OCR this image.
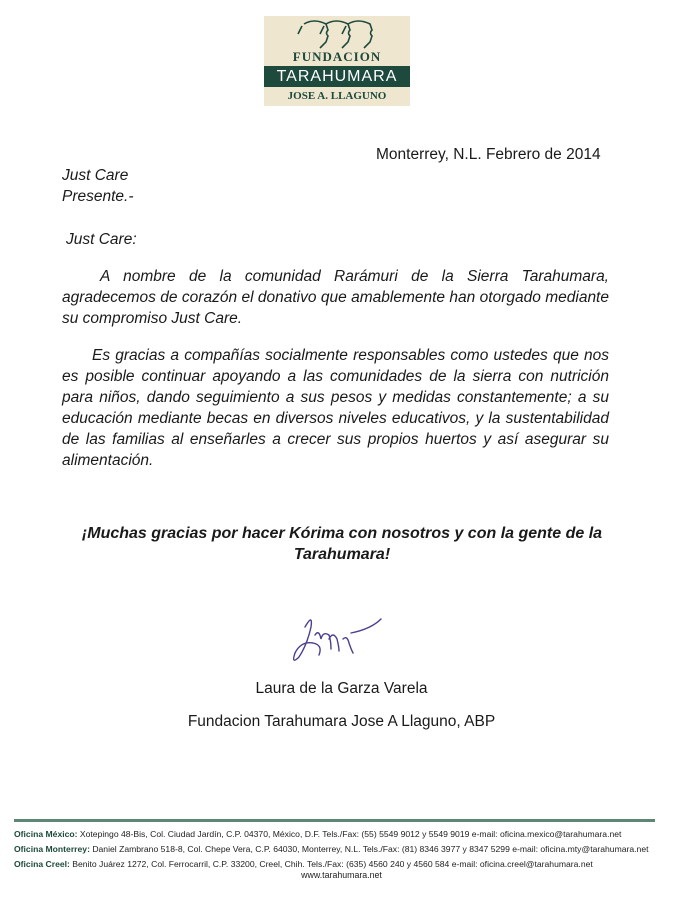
FUNDACION
TARAHUMARA
JOSE A. LLAGUNO
Monterrey, N.L. Febrero de 2014
Just Care
Presente.-
Just Care:
A nombre de la comunidad Rarámuri de la Sierra Tarahumara, agradecemos de corazón el donativo que amablemente han otorgado mediante su compromiso Just Care.
Es gracias a compañías socialmente responsables como ustedes que nos es posible continuar apoyando a las comunidades de la sierra con nutrición para niños, dando seguimiento a sus pesos y medidas constantemente; a su educación mediante becas en diversos niveles educativos, y la sustentabilidad de las familias al enseñarles a crecer sus propios huertos y así asegurar su alimentación.
¡Muchas gracias por hacer Kórima con nosotros y con la gente de la Tarahumara!
Laura de la Garza Varela
Fundacion Tarahumara Jose A Llaguno, ABP
Oficina México: Xotepingo 48-Bis, Col. Ciudad Jardín, C.P. 04370, México, D.F. Tels./Fax: (55) 5549 9012 y 5549 9019 e-mail: oficina.mexico@tarahumara.net
Oficina Monterrey: Daniel Zambrano 518-8, Col. Chepe Vera, C.P. 64030, Monterrey, N.L. Tels./Fax: (81) 8346 3977 y 8347 5299 e-mail: oficina.mty@tarahumara.net
Oficina Creel: Benito Juárez 1272, Col. Ferrocarril, C.P. 33200, Creel, Chih. Tels./Fax: (635) 4560 240 y 4560 584 e-mail: oficina.creel@tarahumara.net
www.tarahumara.net
